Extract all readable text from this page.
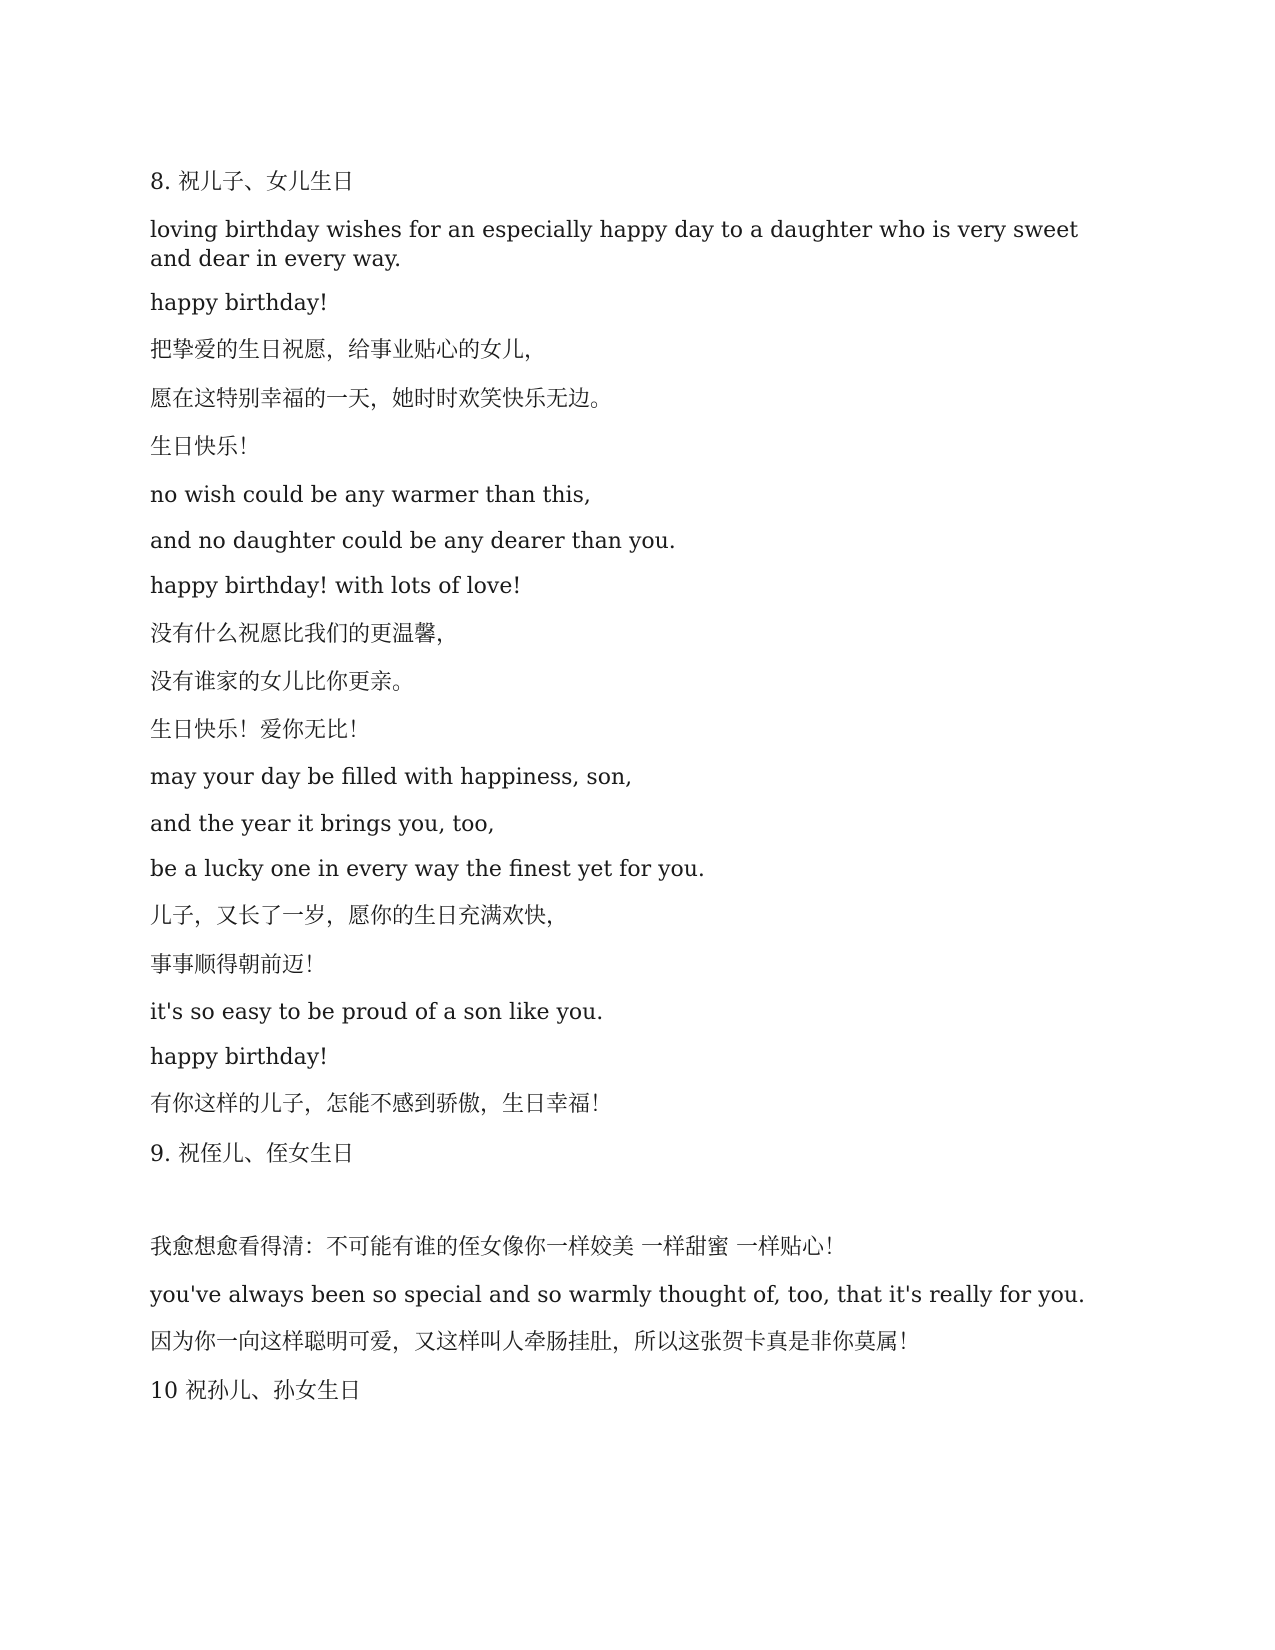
8. 祝儿子、女儿生日
loving birthday wishes for an especially happy day to a daughter who is very sweet and dear in every way.
happy birthday!
把挚爱的生日祝愿，给事业贴心的女儿，
愿在这特别幸福的一天，她时时欢笑快乐无边。
生日快乐！
no wish could be any warmer than this,
and no daughter could be any dearer than you.
happy birthday! with lots of love!
没有什么祝愿比我们的更温馨，
没有谁家的女儿比你更亲。
生日快乐！爱你无比！
may your day be filled with happiness, son,
and the year it brings you, too,
be a lucky one in every way the finest yet for you.
儿子，又长了一岁，愿你的生日充满欢快，
事事顺得朝前迈！
it's so easy to be proud of a son like you.
happy birthday!
有你这样的儿子，怎能不感到骄傲，生日幸福！
9. 祝侄儿、侄女生日
我愈想愈看得清：不可能有谁的侄女像你一样姣美 一样甜蜜 一样贴心！
you've always been so special and so warmly thought of, too, that it's really for you.
因为你一向这样聪明可爱，又这样叫人牵肠挂肚，所以这张贺卡真是非你莫属！
10 祝孙儿、孙女生日
